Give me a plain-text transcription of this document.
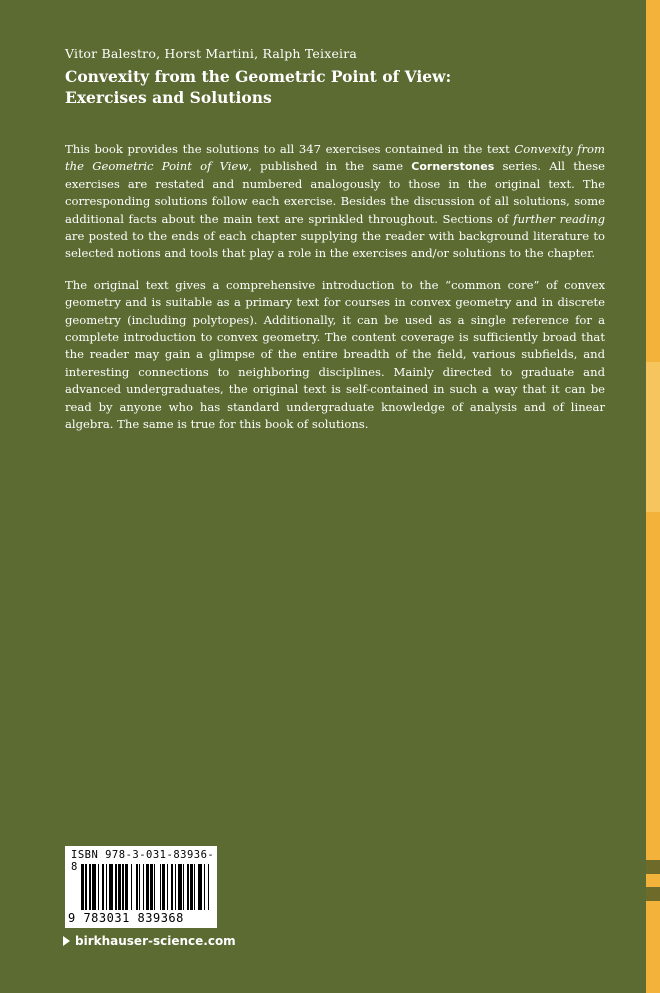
Vitor Balestro, Horst Martini, Ralph Teixeira

Convexity from the Geometric Point of View:
Exercises and Solutions

This book provides the solutions to all 347 exercises contained in the text Convexity from the Geometric Point of View, published in the same Cornerstones series. All these exercises are restated and numbered analogously to those in the original text. The corresponding solutions follow each exercise. Besides the discussion of all solutions, some additional facts about the main text are sprinkled throughout. Sections of further reading are posted to the ends of each chapter supplying the reader with background literature to selected notions and tools that play a role in the exercises and/or solutions to the chapter.

The original text gives a comprehensive introduction to the “common core” of convex geometry and is suitable as a primary text for courses in convex geometry and in discrete geometry (including polytopes). Additionally, it can be used as a single reference for a complete introduction to convex geometry. The content coverage is sufficiently broad that the reader may gain a glimpse of the entire breadth of the field, various subfields, and interesting connections to neighboring disciplines. Mainly directed to graduate and advanced undergraduates, the original text is self-contained in such a way that it can be read by anyone who has standard undergraduate knowledge of analysis and of linear algebra. The same is true for this book of solutions.

ISBN 978-3-031-83936-8
9 783031 839368
birkhauser-science.com
